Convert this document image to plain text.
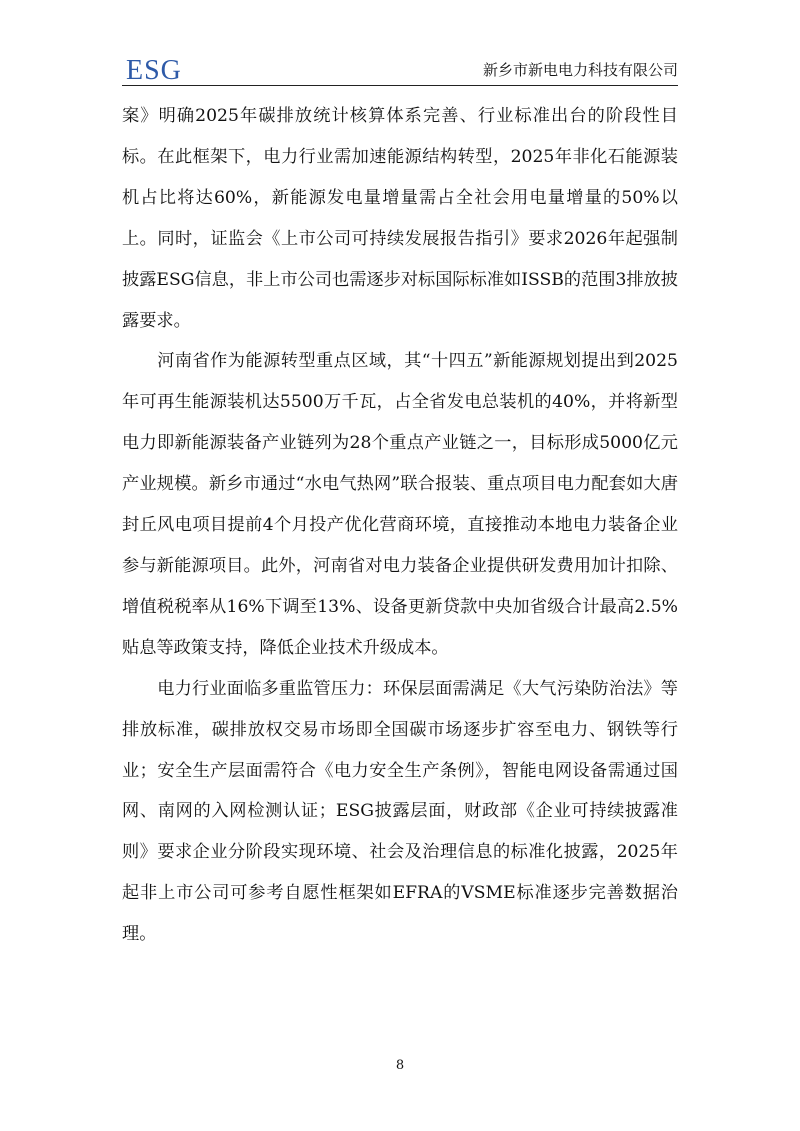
ESG	新乡市新电电力科技有限公司

案》明确2025年碳排放统计核算体系完善、行业标准出台的阶段性目标。在此框架下，电力行业需加速能源结构转型，2025年非化石能源装机占比将达60%，新能源发电量增量需占全社会用电量增量的50%以上。同时，证监会《上市公司可持续发展报告指引》要求2026年起强制披露ESG信息，非上市公司也需逐步对标国际标准如ISSB的范围3排放披露要求。

河南省作为能源转型重点区域，其“十四五”新能源规划提出到2025年可再生能源装机达5500万千瓦，占全省发电总装机的40%，并将新型电力即新能源装备产业链列为28个重点产业链之一，目标形成5000亿元产业规模。新乡市通过“水电气热网”联合报装、重点项目电力配套如大唐封丘风电项目提前4个月投产优化营商环境，直接推动本地电力装备企业参与新能源项目。此外，河南省对电力装备企业提供研发费用加计扣除、增值税税率从16%下调至13%、设备更新贷款中央加省级合计最高2.5%贴息等政策支持，降低企业技术升级成本。

电力行业面临多重监管压力：环保层面需满足《大气污染防治法》等排放标准，碳排放权交易市场即全国碳市场逐步扩容至电力、钢铁等行业；安全生产层面需符合《电力安全生产条例》，智能电网设备需通过国网、南网的入网检测认证；ESG披露层面，财政部《企业可持续披露准则》要求企业分阶段实现环境、社会及治理信息的标准化披露，2025年起非上市公司可参考自愿性框架如EFRA的VSME标准逐步完善数据治理。

8
